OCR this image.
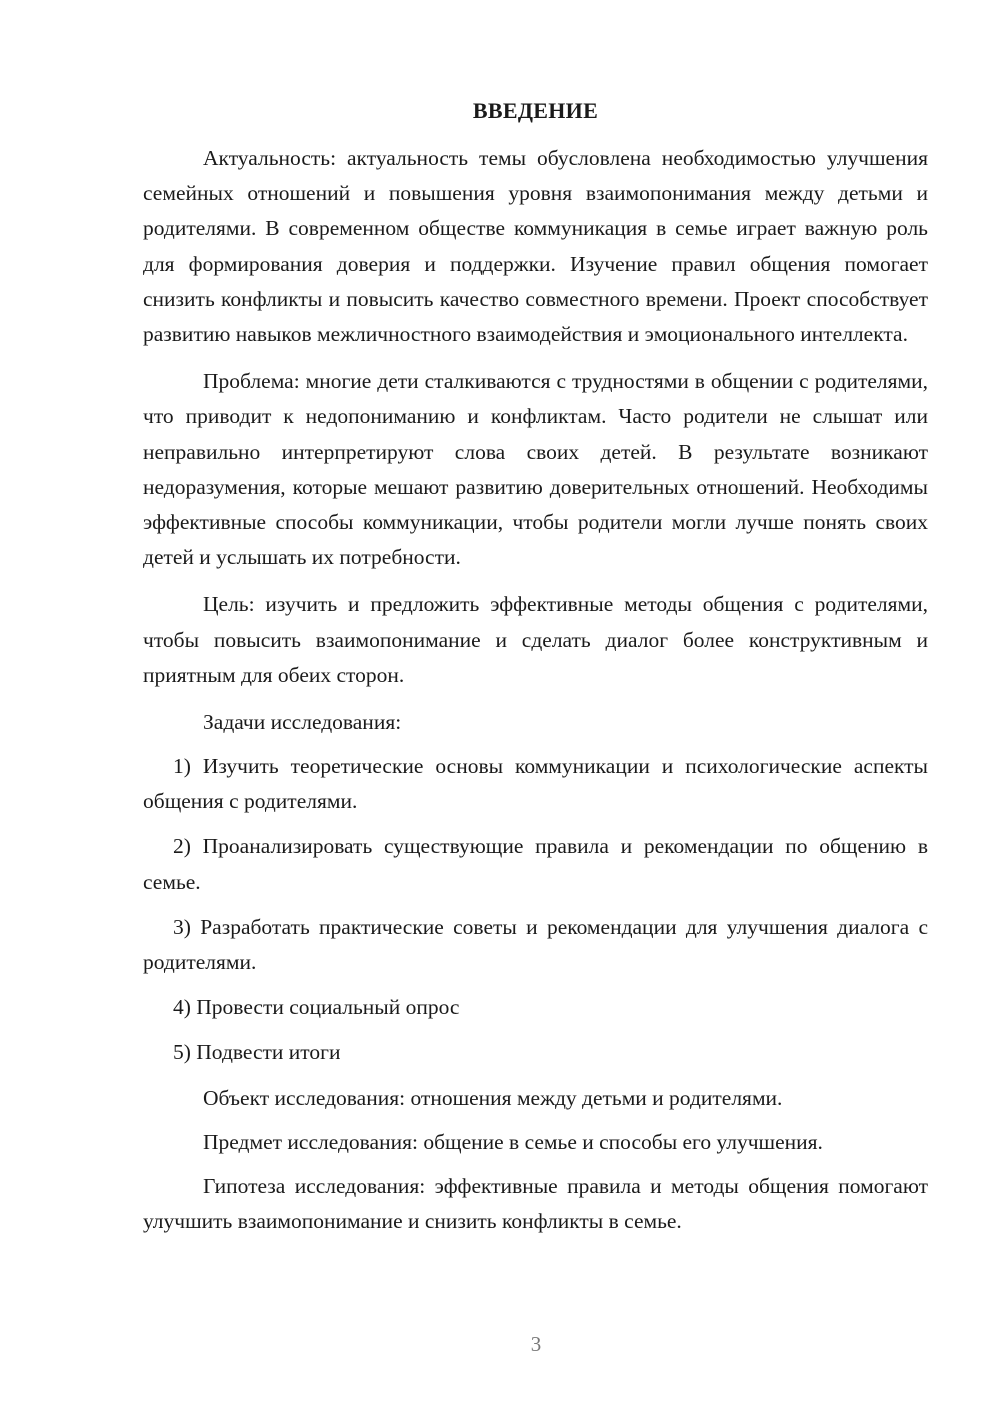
ВВЕДЕНИЕ

Актуальность: актуальность темы обусловлена необходимостью улучшения семейных отношений и повышения уровня взаимопонимания между детьми и родителями. В современном обществе коммуникация в семье играет важную роль для формирования доверия и поддержки. Изучение правил общения помогает снизить конфликты и повысить качество совместного времени. Проект способствует развитию навыков межличностного взаимодействия и эмоционального интеллекта.

Проблема: многие дети сталкиваются с трудностями в общении с родителями, что приводит к недопониманию и конфликтам. Часто родители не слышат или неправильно интерпретируют слова своих детей. В результате возникают недоразумения, которые мешают развитию доверительных отношений. Необходимы эффективные способы коммуникации, чтобы родители могли лучше понять своих детей и услышать их потребности.

Цель: изучить и предложить эффективные методы общения с родителями, чтобы повысить взаимопонимание и сделать диалог более конструктивным и приятным для обеих сторон.

Задачи исследования:

1) Изучить теоретические основы коммуникации и психологические аспекты общения с родителями.

2) Проанализировать существующие правила и рекомендации по общению в семье.

3) Разработать практические советы и рекомендации для улучшения диалога с родителями.

4) Провести социальный опрос

5) Подвести итоги

Объект исследования: отношения между детьми и родителями.

Предмет исследования: общение в семье и способы его улучшения.

Гипотеза исследования: эффективные правила и методы общения помогают улучшить взаимопонимание и снизить конфликты в семье.

3
